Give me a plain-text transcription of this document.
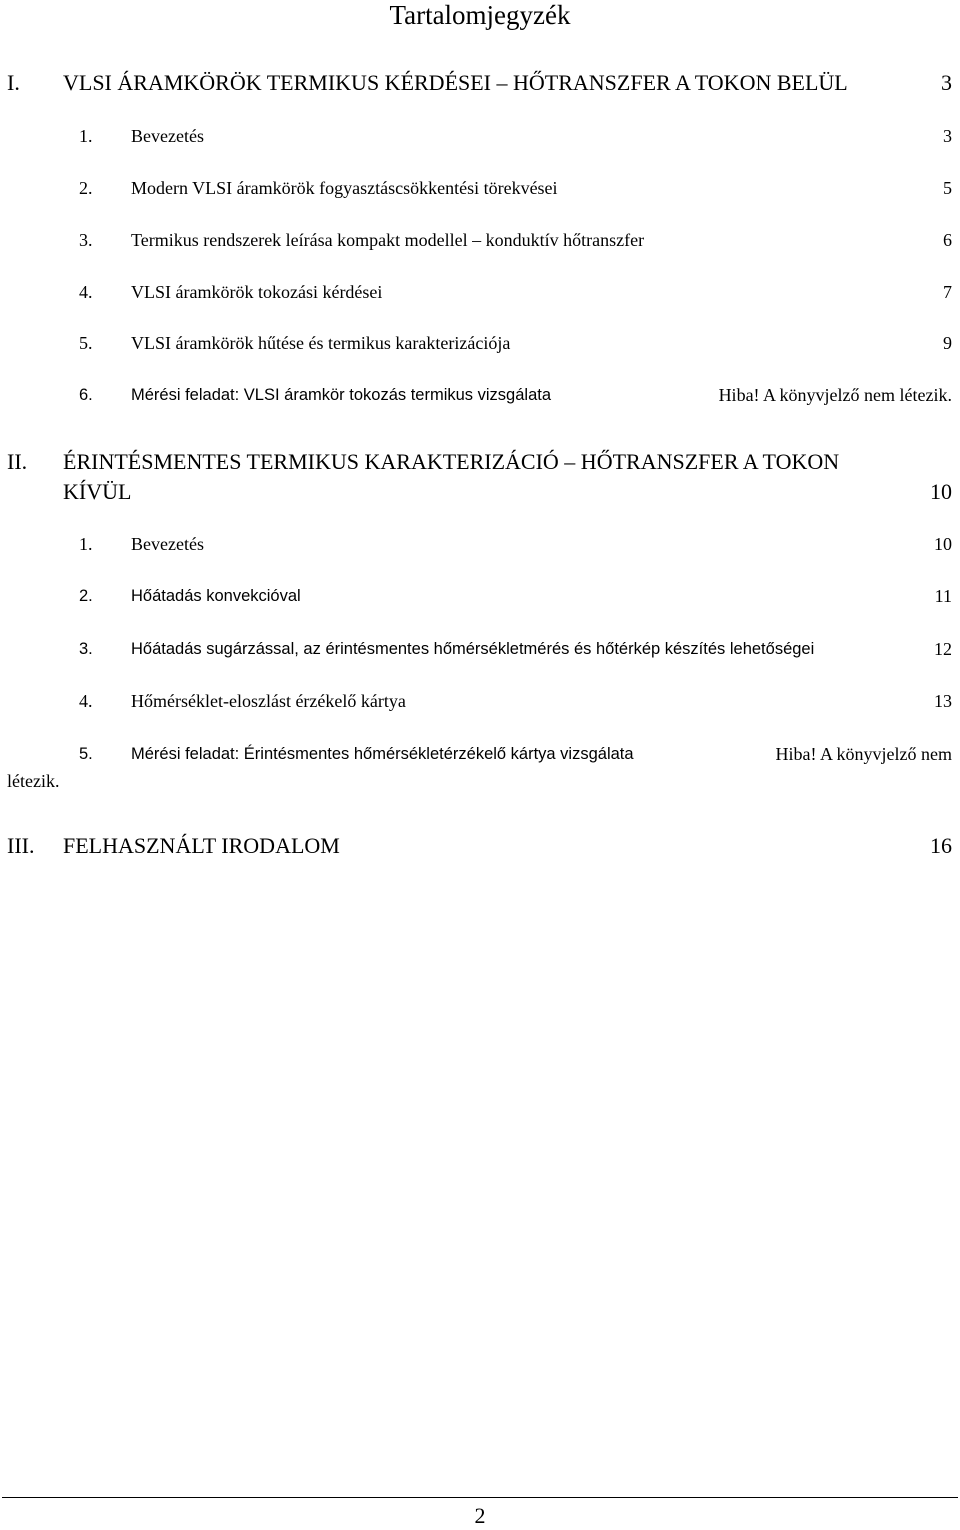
Tartalomjegyzék
I. VLSI ÁRAMKÖRÖK TERMIKUS KÉRDÉSEI – HŐTRANSZFER A TOKON BELÜL	3
1. Bevezetés	3
2. Modern VLSI áramkörök fogyasztáscsökkentési törekvései	5
3. Termikus rendszerek leírása kompakt modellel – konduktív hőtranszfer	6
4. VLSI áramkörök tokozási kérdései	7
5. VLSI áramkörök hűtése és termikus karakterizációja	9
6. Mérési feladat: VLSI áramkör tokozás termikus vizsgálata	Hiba! A könyvjelző nem létezik.
II. ÉRINTÉSMENTES TERMIKUS KARAKTERIZÁCIÓ – HŐTRANSZFER A TOKON
KÍVÜL	10
1. Bevezetés	10
2. Hőátadás konvekcióval	11
3. Hőátadás sugárzással, az érintésmentes hőmérsékletmérés és hőtérkép készítés lehetőségei	12
4. Hőmérséklet-eloszlást érzékelő kártya	13
5. Mérési feladat: Érintésmentes hőmérsékletérzékelő kártya vizsgálata	Hiba! A könyvjelző nem
létezik.
III. FELHASZNÁLT IRODALOM	16
2
